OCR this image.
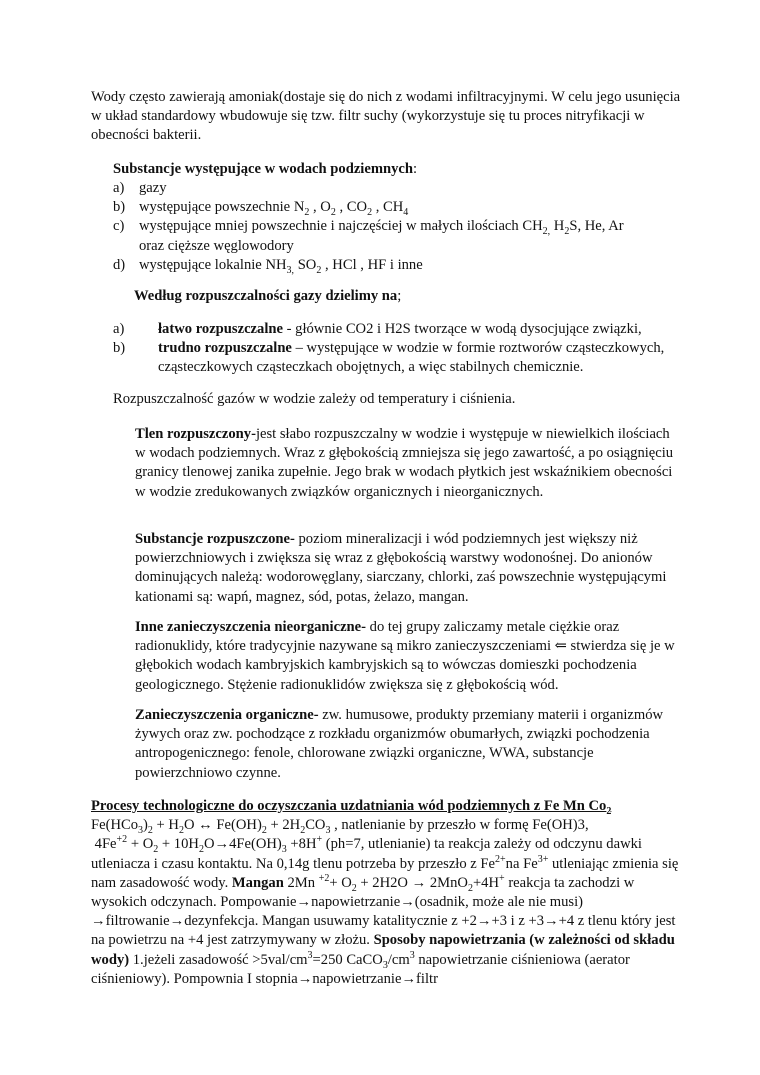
Wody często zawierają amoniak(dostaje się do nich z wodami infiltracyjnymi. W celu jego usunięcia w układ standardowy wbudowuje się tzw. filtr suchy (wykorzystuje się tu proces nitryfikacji w obecności bakterii.

Substancje występujące w wodach podziemnych:
a) gazy
b) występujące powszechnie $N_2$ , $O_2$ , $CO_2$ , $CH_4$
c) występujące mniej powszechnie i najczęściej w małych ilościach $CH_{2,}$ $H_2S$, He, Ar
oraz cięższe węglowodory
d) występujące lokalnie $NH_{3,}$ $SO_2$ , HCl , HF i inne
Według rozpuszczalności gazy dzielimy na;
a) łatwo rozpuszczalne - głównie CO2 i H2S tworzące w wodą dysocjujące związki,
b) trudno rozpuszczalne – występujące w wodzie w formie roztworów cząsteczkowych, cząsteczkowych cząsteczkach obojętnych, a więc stabilnych chemicznie.
Rozpuszczalność gazów w wodzie zależy od temperatury i ciśnienia.
Tlen rozpuszczony-jest słabo rozpuszczalny w wodzie i występuje w niewielkich ilościach w wodach podziemnych. Wraz z głębokością zmniejsza się jego zawartość, a po osiągnięciu granicy tlenowej zanika zupełnie. Jego brak w wodach płytkich jest wskaźnikiem obecności w wodzie zredukowanych związków organicznych i nieorganicznych.
Substancje rozpuszczone- poziom mineralizacji i wód podziemnych jest większy niż powierzchniowych i zwiększa się wraz z głębokością warstwy wodonośnej. Do anionów dominujących należą: wodorowęglany, siarczany, chlorki, zaś powszechnie występującymi kationami są: wapń, magnez, sód, potas, żelazo, mangan.
Inne zanieczyszczenia nieorganiczne- do tej grupy zaliczamy metale ciężkie oraz radionuklidy, które tradycyjnie nazywane są mikro zanieczyszczeniami ⇐ stwierdza się je w głębokich wodach kambryjskich kambryjskich są to wówczas domieszki pochodzenia geologicznego. Stężenie radionuklidów zwiększa się z głębokością wód.
Zanieczyszczenia organiczne- zw. humusowe, produkty przemiany materii i organizmów żywych oraz zw. pochodzące z rozkładu organizmów obumarłych, związki pochodzenia antropogenicznego: fenole, chlorowane związki organiczne, WWA, substancje powierzchniowo czynne.
Procesy technologiczne do oczyszczania uzdatniania wód podziemnych z Fe Mn $Co_2$
$Fe(HCo_3)_2 + H_2O$ ↔ $Fe(OH)_2 + 2H_2CO_3$ , natlenianie by przeszło w formę Fe(OH)3,
$4Fe^{+2} + O_2 + 10H_2O\to 4Fe(OH)_3 +8H^+$ (ph=7, utlenianie) ta reakcja zależy od odczynu dawki utleniacza i czasu kontaktu. Na 0,14g tlenu potrzeba by przeszło z $Fe^{2+}na$ $Fe^{3+}$ utleniając zmienia się nam zasadowość wody. Mangan 2Mn $^{+2}+ O_2 + 2H2O \to 2MnO_2+4H^+$ reakcja ta zachodzi w wysokich odczynach. Pompowanie→napowietrzanie→(osadnik, może ale nie musi) →filtrowanie→dezynfekcja. Mangan usuwamy katalitycznie z +2→+3 i z +3→+4 z tlenu który jest na powietrzu na +4 jest zatrzymywany w złożu. Sposoby napowietrzania (w zależności od składu wody) 1.jeżeli zasadowość $>5val/cm^3=250$ $CaCO_3/cm^3$ napowietrzanie ciśnieniowa (aerator ciśnieniowy). Pompownia I stopnia→napowietrzanie→filtr
